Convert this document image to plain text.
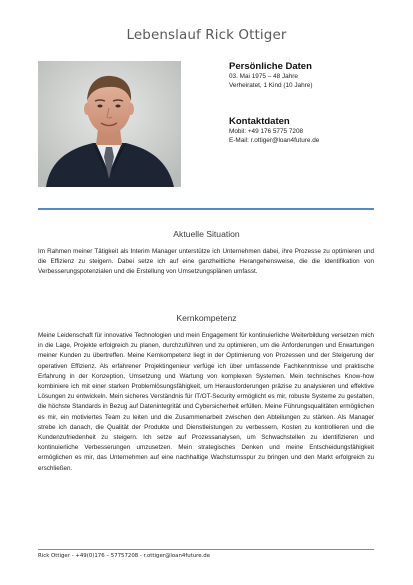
Lebenslauf Rick Ottiger

Persönliche Daten

03. Mai 1975 – 48 Jahre

Verheiratet, 1 Kind (10 Jahre)

Kontaktdaten

Mobil: +49 176 5775 7208

E-Mail: r.ottiger@loan4future.de

Aktuelle Situation

Im Rahmen meiner Tätigkeit als Interim Manager unterstütze ich Unternehmen dabei, ihre Prozesse zu optimieren und die Effizienz zu steigern. Dabei setze ich auf eine ganzheitliche Herangehensweise, die die Identifikation von Verbesserungspotenzialen und die Erstellung von Umsetzungsplänen umfasst.

Kernkompetenz

Meine Leidenschaft für innovative Technologien und mein Engagement für kontinuierliche Weiterbildung versetzen mich in die Lage, Projekte erfolgreich zu planen, durchzuführen und zu optimieren, um die Anforderungen und Erwartungen meiner Kunden zu übertreffen. Meine Kernkompetenz liegt in der Optimierung von Prozessen und der Steigerung der operativen Effizienz. Als erfahrener Projektingenieur verfüge ich über umfassende Fachkenntnisse und praktische Erfahrung in der Konzeption, Umsetzung und Wartung von komplexen Systemen. Mein technisches Know-how kombiniere ich mit einer starken Problemlösungsfähigkeit, um Herausforderungen präzise zu analysieren und effektive Lösungen zu entwickeln. Mein sicheres Verständnis für IT/OT-Security ermöglicht es mir, robuste Systeme zu gestalten, die höchste Standards in Bezug auf Datenintegrität und Cybersicherheit erfüllen. Meine Führungsqualitäten ermöglichen es mir, ein motiviertes Team zu leiten und die Zusammenarbeit zwischen den Abteilungen zu stärken. Als Manager strebe ich danach, die Qualität der Produkte und Dienstleistungen zu verbessern, Kosten zu kontrollieren und die Kundenzufriedenheit zu steigern. Ich setze auf Prozessanalysen, um Schwachstellen zu identifizieren und kontinuierliche Verbesserungen umzusetzen. Mein strategisches Denken und meine Entscheidungsfähigkeit ermöglichen es mir, das Unternehmen auf eine nachhaltige Wachstumsspur zu bringen und den Markt erfolgreich zu erschließen.

Rick Ottiger - +49(0)176 – 57757208 - r.ottiger@loan4future.de
